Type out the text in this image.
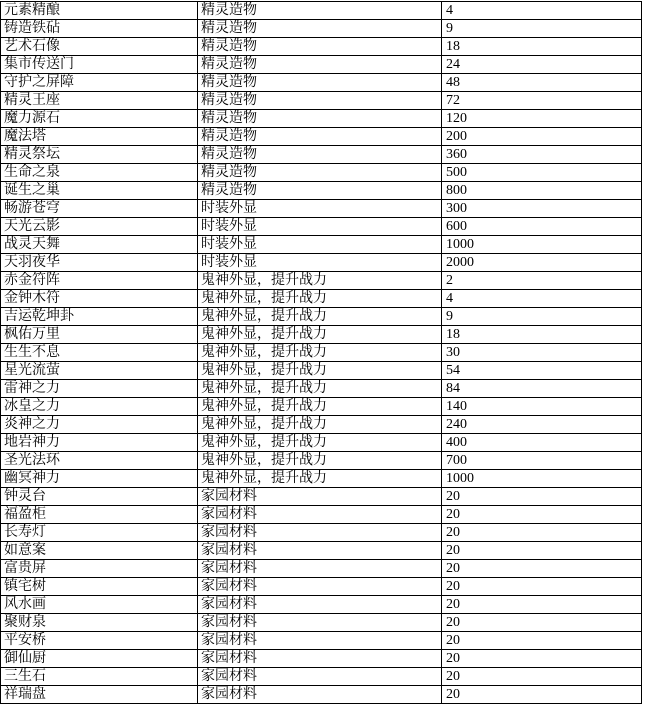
元素精酿	精灵造物	4
铸造铁砧	精灵造物	9
艺术石像	精灵造物	18
集市传送门	精灵造物	24
守护之屏障	精灵造物	48
精灵王座	精灵造物	72
魔力源石	精灵造物	120
魔法塔	精灵造物	200
精灵祭坛	精灵造物	360
生命之泉	精灵造物	500
诞生之巢	精灵造物	800
畅游苍穹	时装外显	300
天光云影	时装外显	600
战灵天舞	时装外显	1000
天羽夜华	时装外显	2000
赤金符阵	鬼神外显，提升战力	2
金钟木符	鬼神外显，提升战力	4
吉运乾坤卦	鬼神外显，提升战力	9
枫佑万里	鬼神外显，提升战力	18
生生不息	鬼神外显，提升战力	30
星光流萤	鬼神外显，提升战力	54
雷神之力	鬼神外显，提升战力	84
冰皇之力	鬼神外显，提升战力	140
炎神之力	鬼神外显，提升战力	240
地岩神力	鬼神外显，提升战力	400
圣光法环	鬼神外显，提升战力	700
幽冥神力	鬼神外显，提升战力	1000
钟灵台	家园材料	20
福盈柜	家园材料	20
长寿灯	家园材料	20
如意案	家园材料	20
富贵屏	家园材料	20
镇宅树	家园材料	20
风水画	家园材料	20
聚财泉	家园材料	20
平安桥	家园材料	20
御仙厨	家园材料	20
三生石	家园材料	20
祥瑞盘	家园材料	20
